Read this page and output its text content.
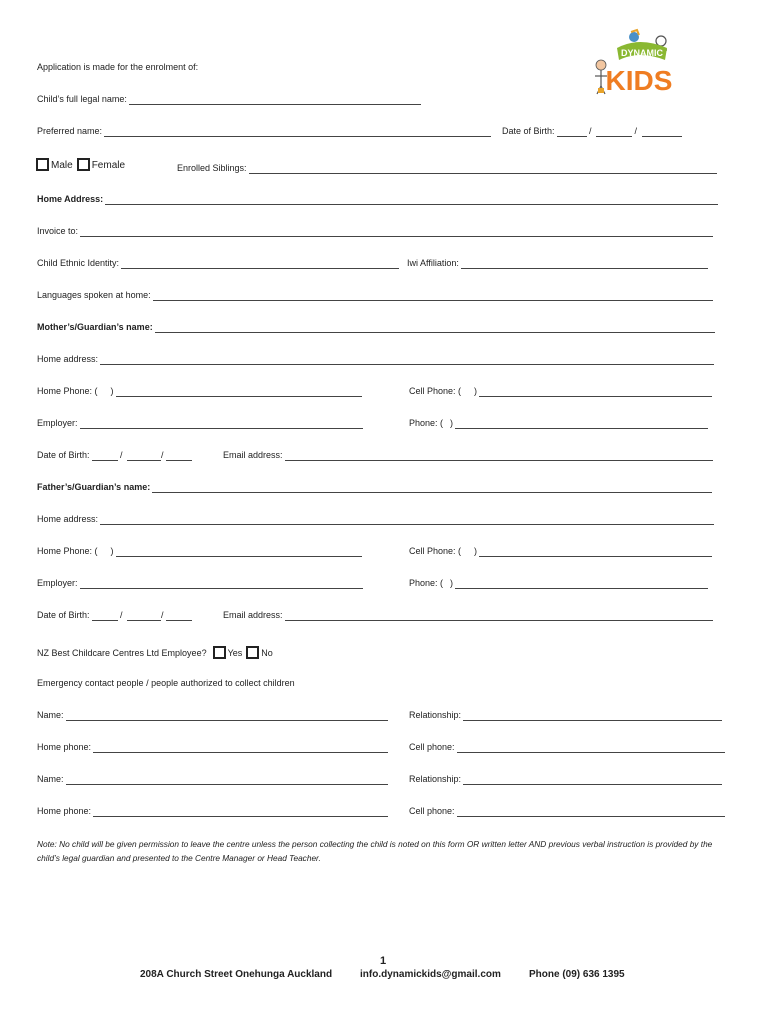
DYNAMIC
KIDS
Application is made for the enrolment of:
Child’s full legal name:
Preferred name:	Date of Birth:	/	/
Male Female	Enrolled Siblings:
Home Address:
Invoice to:
Child Ethnic Identity:	Iwi Affiliation:
Languages spoken at home:
Mother’s/Guardian’s name:
Home address:
Home Phone: ( )	Cell Phone: ( )
Employer:	Phone: ( )
Date of Birth:	/	/	Email address:
Father’s/Guardian’s name:
Home address:
Home Phone: ( )	Cell Phone: ( )
Employer:	Phone: ( )
Date of Birth:	/	/	Email address:
NZ Best Childcare Centres Ltd Employee? Yes No
Emergency contact people / people authorized to collect children
Name:	Relationship:
Home phone:	Cell phone:
Name:	Relationship:
Home phone:	Cell phone:
Note: No child will be given permission to leave the centre unless the person collecting the child is noted on this form OR written letter AND previous verbal instruction is provided by the child’s legal guardian and presented to the Centre Manager or Head Teacher.
1
208A Church Street Onehunga Auckland	info.dynamickids@gmail.com	Phone (09) 636 1395
